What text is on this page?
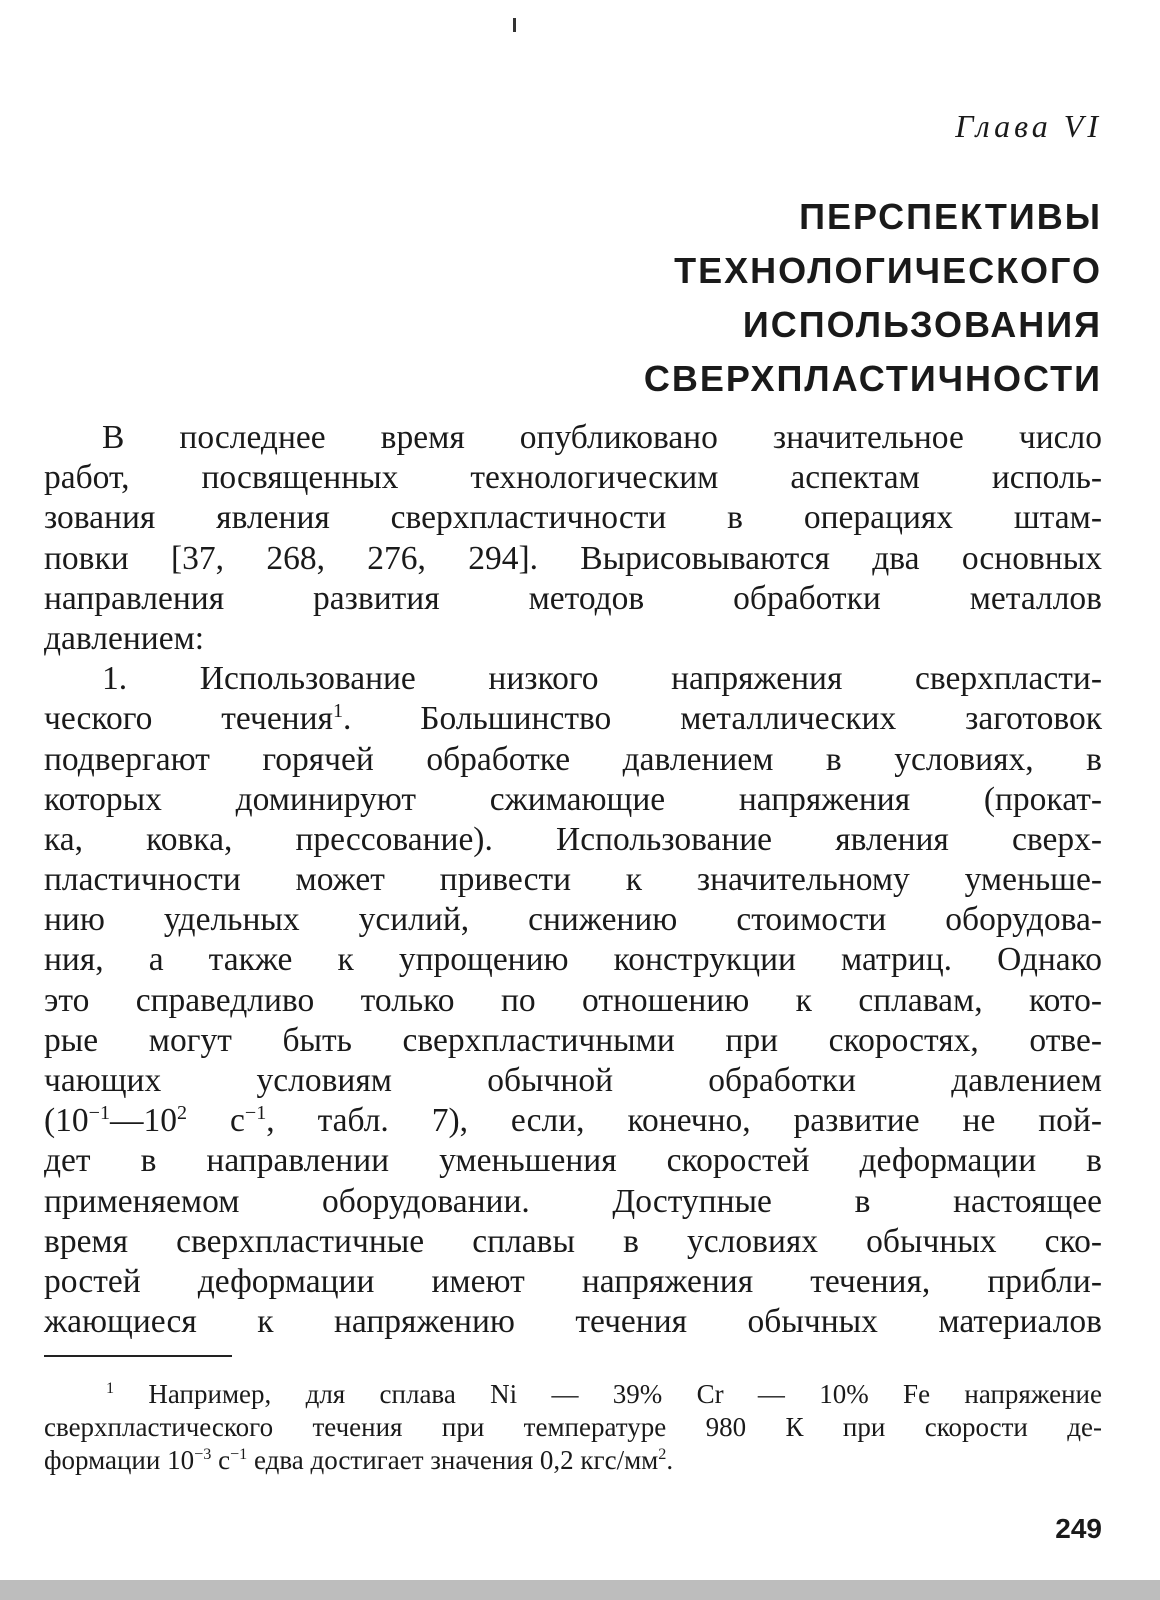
Глава VI
ПЕРСПЕКТИВЫ
ТЕХНОЛОГИЧЕСКОГО
ИСПОЛЬЗОВАНИЯ
СВЕРХПЛАСТИЧНОСТИ
В последнее время опубликовано значительное число
работ, посвященных технологическим аспектам исполь-
зования явления сверхпластичности в операциях штам-
повки [37, 268, 276, 294]. Вырисовываются два основных
направления развития методов обработки металлов
давлением:
1. Использование низкого напряжения сверхпласти-
ческого течения$^1$. Большинство металлических заготовок
подвергают горячей обработке давлением в условиях, в
которых доминируют сжимающие напряжения (прокат-
ка, ковка, прессование). Использование явления сверх-
пластичности может привести к значительному уменьше-
нию удельных усилий, снижению стоимости оборудова-
ния, а также к упрощению конструкции матриц. Однако
это справедливо только по отношению к сплавам, кото-
рые могут быть сверхпластичными при скоростях, отве-
чающих условиям обычной обработки давлением
($10^{-1}—10^2$ $с^{-1}$, табл. 7), если, конечно, развитие не пой-
дет в направлении уменьшения скоростей деформации в
применяемом оборудовании. Доступные в настоящее
время сверхпластичные сплавы в условиях обычных ско-
ростей деформации имеют напряжения течения, прибли-
жающиеся к напряжению течения обычных материалов
$^1$ Например, для сплава Ni — 39% Cr — 10% Fe напряжение
сверхпластического течения при температуре 980 К при скорости де-
формации $10^{-3}$ $с^{-1}$ едва достигает значения 0,2 кгс/$мм^2$.
249
